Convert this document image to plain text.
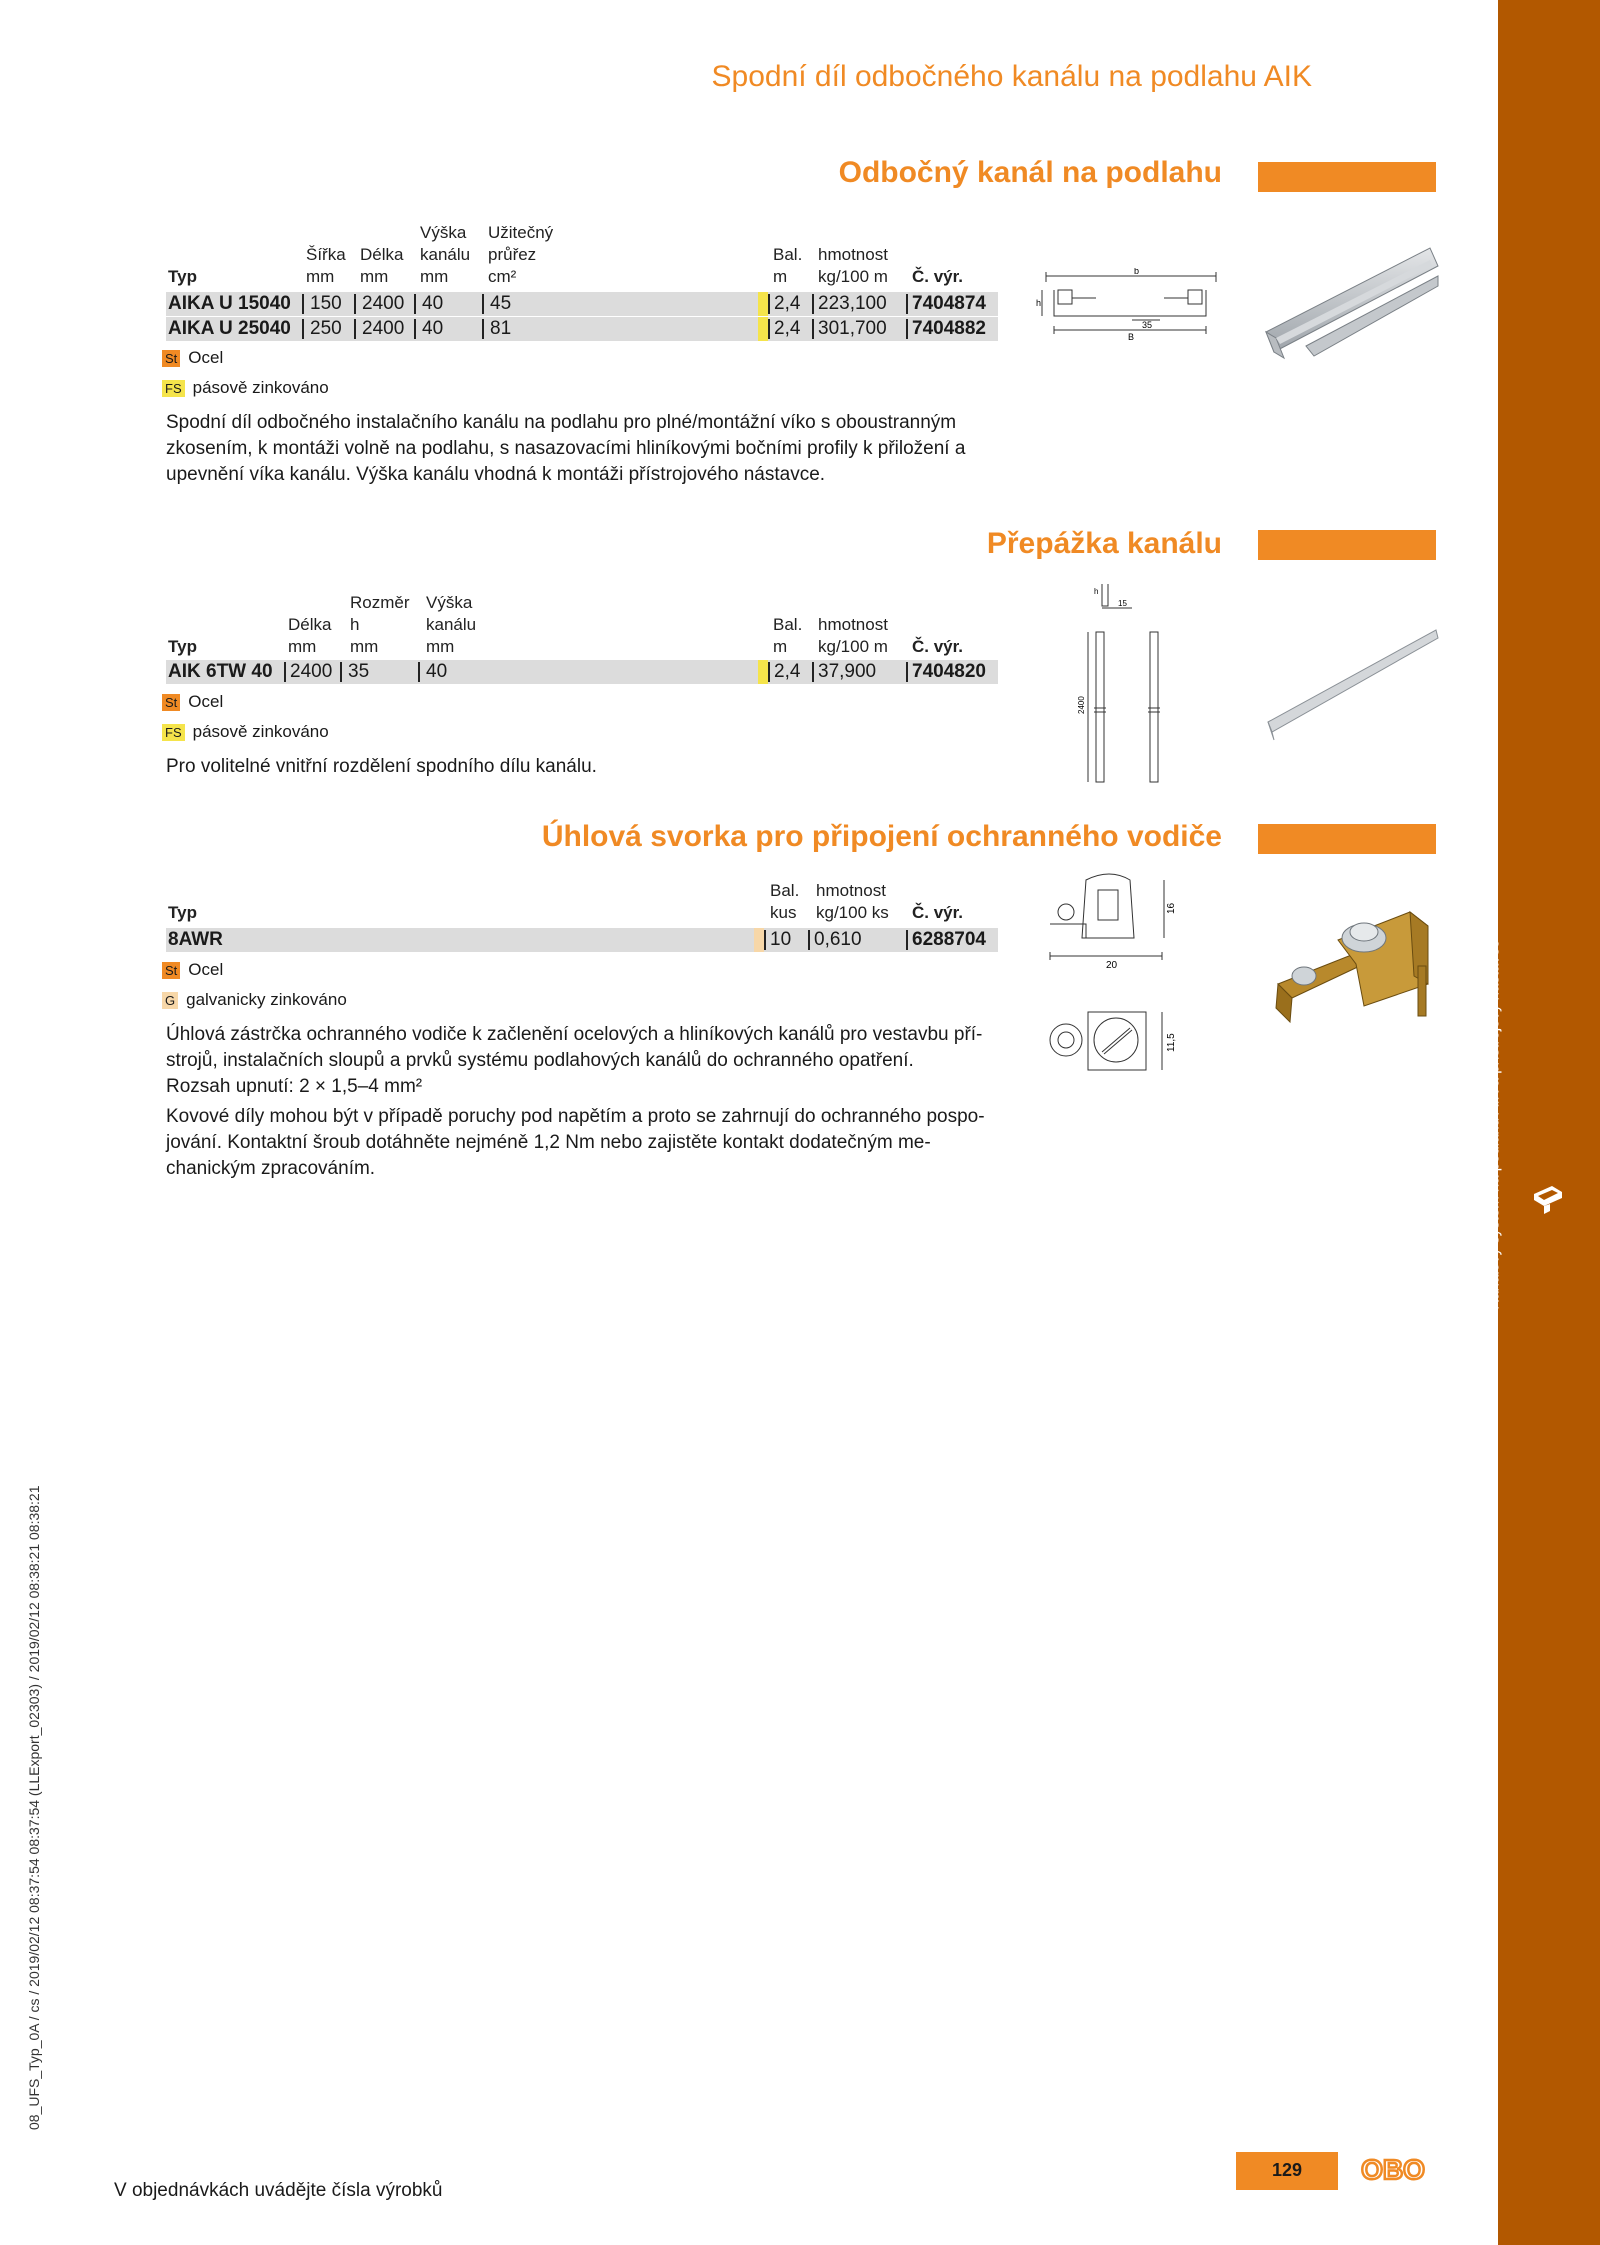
Kanálový systém na podlahu AIK a přístrojový nástavec
08_UFS_Typ_0A / cs / 2019/02/12 08:37:54 08:37:54 (LLExport_02303) / 2019/02/12 08:38:21 08:38:21
Spodní díl odbočného kanálu na podlahu AIK
Odbočný kanál na podlahu
Výška Užitečný
Šířka Délka kanálu průřez	Bal. hmotnost
Typ	mm mm mm cm²	m kg/100 m Č. výr.
AIKA U 15040 150 2400 40 45	2,4 223,100 7404874
AIKA U 25040 250 2400 40 81	2,4 301,700 7404882
St Ocel
FS pásově zinkováno
Spodní díl odbočného instalačního kanálu na podlahu pro plné/montážní víko s oboustranným
zkosením, k montáži volně na podlahu, s nasazovacími hliníkovými bočními profily k přiložení a
upevnění víka kanálu. Výška kanálu vhodná k montáži přístrojového nástavce.
b
h
35
B
Přepážka kanálu
Rozměr Výška
Délka h	kanálu	Bal. hmotnost
Typ	mm mm	mm	m kg/100 m Č. výr.
AIK 6TW 40 2400 35	40	2,4 37,900 7404820
St Ocel
FS pásově zinkováno
Pro volitelné vnitřní rozdělení spodního dílu kanálu.
h
15
2400
Úhlová svorka pro připojení ochranného vodiče
Bal. hmotnost
Typ	kus kg/100 ks Č. výr.
8AWR	10 0,610	6288704
St Ocel
G galvanicky zinkováno
Úhlová zástrčka ochranného vodiče k začlenění ocelových a hliníkových kanálů pro vestavbu pří-
strojů, instalačních sloupů a prvků systému podlahových kanálů do ochranného opatření.
Rozsah upnutí: 2 × 1,5–4 mm²
Kovové díly mohou být v případě poruchy pod napětím a proto se zahrnují do ochranného pospo-
jování. Kontaktní šroub dotáhněte nejméně 1,2 Nm nebo zajistěte kontakt dodatečným me-
chanickým zpracováním.
20
16
11,5
V objednávkách uvádějte čísla výrobků
129	OBO
